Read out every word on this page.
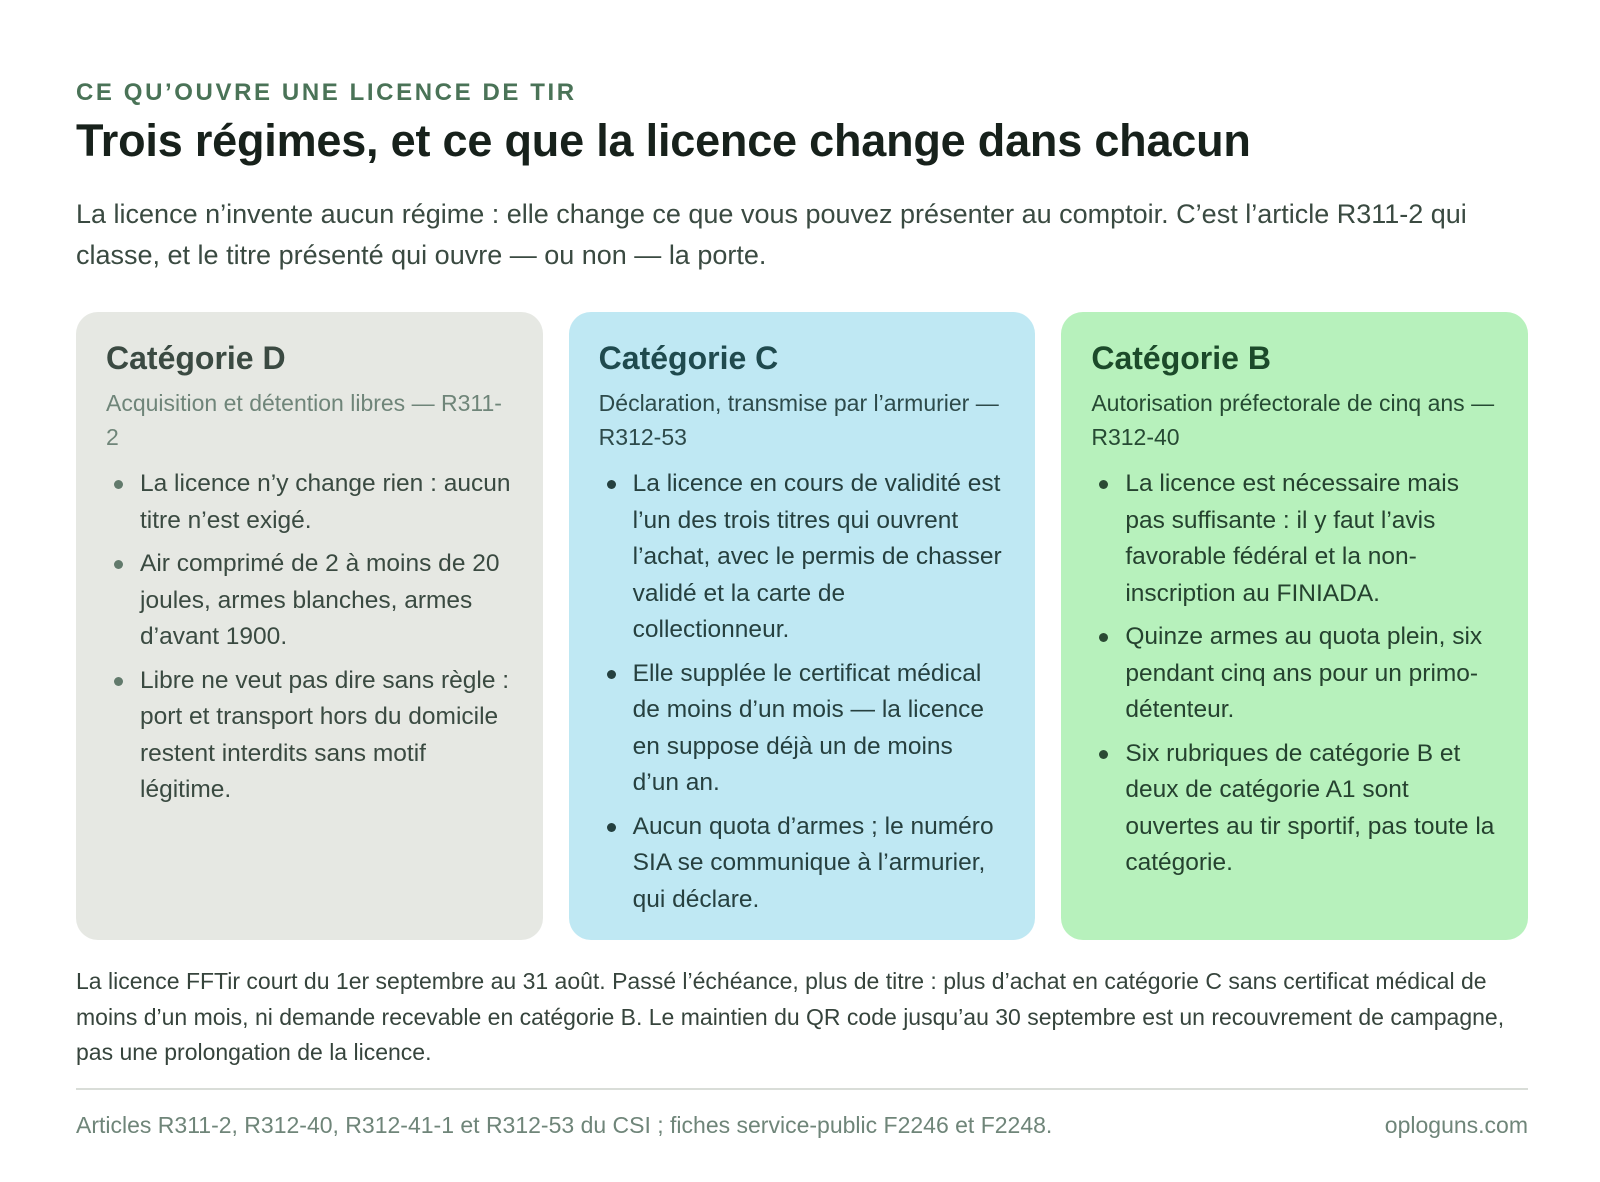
CE QU’OUVRE UNE LICENCE DE TIR
Trois régimes, et ce que la licence change dans chacun

La licence n’invente aucun régime : elle change ce que vous pouvez présenter au comptoir. C’est l’article R311-2 qui classe, et le titre présenté qui ouvre — ou non — la porte.

Catégorie D
Acquisition et détention libres — R311-2
La licence n’y change rien : aucun titre n’est exigé.
Air comprimé de 2 à moins de 20 joules, armes blanches, armes d’avant 1900.
Libre ne veut pas dire sans règle : port et transport hors du domicile restent interdits sans motif légitime.
Catégorie C
Déclaration, transmise par l’armurier — R312-53
La licence en cours de validité est l’un des trois titres qui ouvrent l’achat, avec le permis de chasser validé et la carte de collectionneur.
Elle supplée le certificat médical de moins d’un mois — la licence en suppose déjà un de moins d’un an.
Aucun quota d’armes ; le numéro SIA se communique à l’armurier, qui déclare.
Catégorie B
Autorisation préfectorale de cinq ans — R312-40
La licence est nécessaire mais pas suffisante : il y faut l’avis favorable fédéral et la non-inscription au FINIADA.
Quinze armes au quota plein, six pendant cinq ans pour un primo-détenteur.
Six rubriques de catégorie B et deux de catégorie A1 sont ouvertes au tir sportif, pas toute la catégorie.

La licence FFTir court du 1er septembre au 31 août. Passé l’échéance, plus de titre : plus d’achat en catégorie C sans certificat médical de moins d’un mois, ni demande recevable en catégorie B. Le maintien du QR code jusqu’au 30 septembre est un recouvrement de campagne, pas une prolongation de la licence.

Articles R311-2, R312-40, R312-41-1 et R312-53 du CSI ; fiches service-public F2246 et F2248.	oploguns.com
